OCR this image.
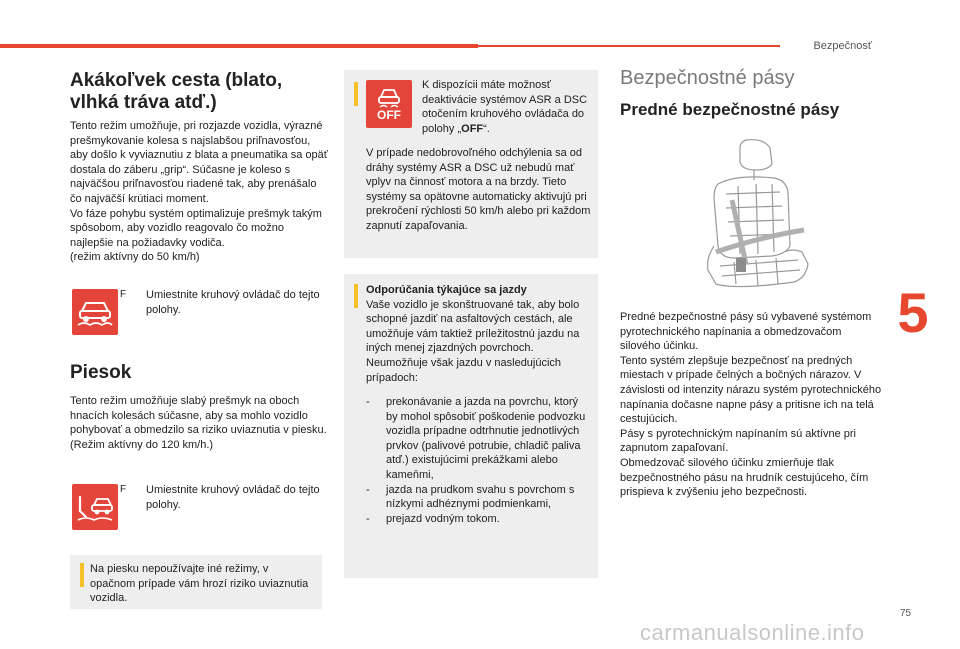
Bezpečnosť
5
Akákoľvek cesta (blato, vlhká tráva atď.)
Tento režim umožňuje, pri rozjazde vozidla, výrazné prešmykovanie kolesa s najslabšou priľnavosťou, aby došlo k vyviaznutiu z blata a pneumatika sa opäť dostala do záberu „grip“. Súčasne je koleso s najväčšou priľnavosťou riadené tak, aby prenášalo čo najväčší krútiaci moment.
Vo fáze pohybu systém optimalizuje prešmyk takým spôsobom, aby vozidlo reagovalo čo možno najlepšie na požiadavky vodiča.
(režim aktívny do 50 km/h)
F Umiestnite kruhový ovládač do tejto polohy.
Piesok
Tento režim umožňuje slabý prešmyk na oboch hnacích kolesách súčasne, aby sa mohlo vozidlo pohybovať a obmedzilo sa riziko uviaznutia v piesku.
(Režim aktívny do 120 km/h.)
F Umiestnite kruhový ovládač do tejto polohy.
Na piesku nepoužívajte iné režimy, v opačnom prípade vám hrozí riziko uviaznutia vozidla.
OFF
K dispozícii máte možnosť deaktivácie systémov ASR a DSC otočením kruhového ovládača do polohy „OFF“.
V prípade nedobrovoľného odchýlenia sa od dráhy systémy ASR a DSC už nebudú mať vplyv na činnosť motora a na brzdy. Tieto systémy sa opätovne automaticky aktivujú pri prekročení rýchlosti 50 km/h alebo pri každom zapnutí zapaľovania.
Odporúčania týkajúce sa jazdy
Vaše vozidlo je skonštruované tak, aby bolo schopné jazdiť na asfaltových cestách, ale umožňuje vám taktiež príležitostnú jazdu na iných menej zjazdných povrchoch.
Neumožňuje však jazdu v nasledujúcich prípadoch:
- prekonávanie a jazda na povrchu, ktorý by mohol spôsobiť poškodenie podvozku vozidla prípadne odtrhnutie jednotlivých prvkov (palivové potrubie, chladič paliva atď.) existujúcimi prekážkami alebo kameňmi,
- jazda na prudkom svahu s povrchom s nízkymi adhéznymi podmienkami,
- prejazd vodným tokom.
Bezpečnostné pásy
Predné bezpečnostné pásy
Predné bezpečnostné pásy sú vybavené systémom pyrotechnického napínania a obmedzovačom silového účinku.
Tento systém zlepšuje bezpečnosť na predných miestach v prípade čelných a bočných nárazov. V závislosti od intenzity nárazu systém pyrotechnického napínania dočasne napne pásy a pritisne ich na telá cestujúcich.
Pásy s pyrotechnickým napínaním sú aktívne pri zapnutom zapaľovaní.
Obmedzovač silového účinku zmierňuje tlak bezpečnostného pásu na hrudník cestujúceho, čím prispieva k zvýšeniu jeho bezpečnosti.
75
carmanualsonline.info
